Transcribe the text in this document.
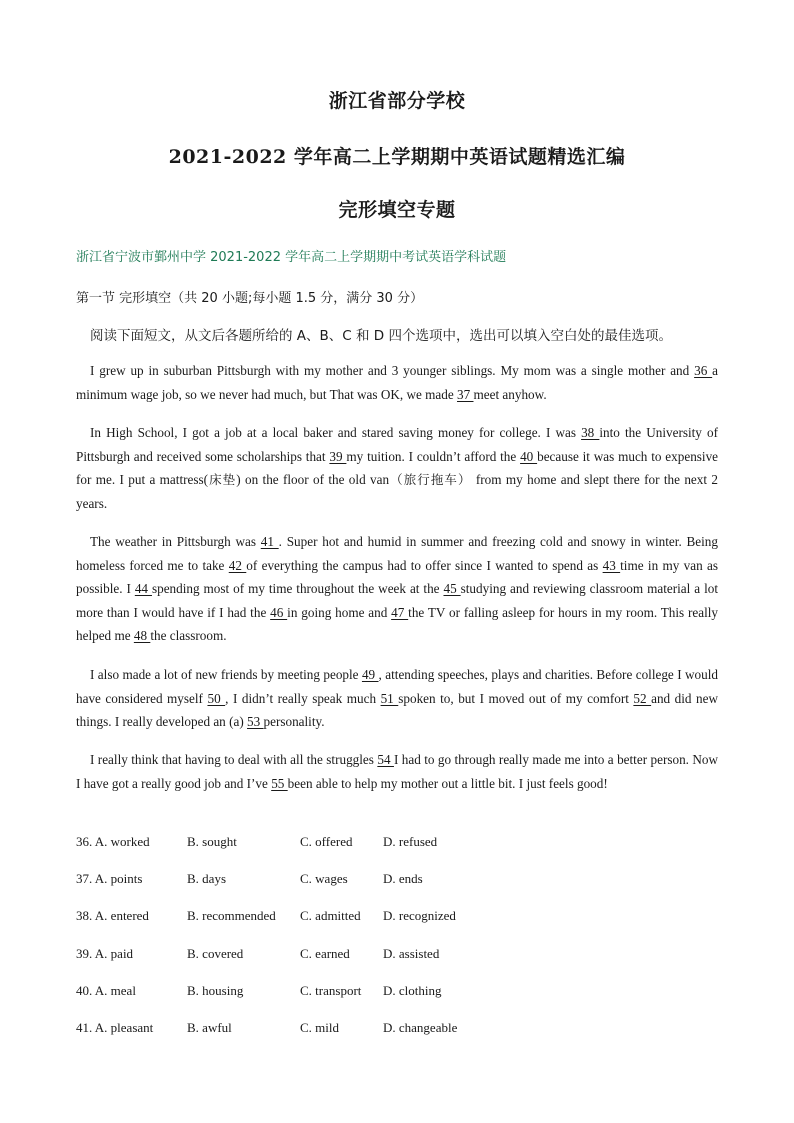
浙江省部分学校
2021-2022 学年高二上学期期中英语试题精选汇编
完形填空专题
浙江省宁波市鄞州中学 2021-2022 学年高二上学期期中考试英语学科试题
第一节 完形填空（共 20 小题;每小题 1.5 分，满分 30 分）
阅读下面短文，从文后各题所给的 A、B、C 和 D 四个选项中，选出可以填入空白处的最佳选项。
I grew up in suburban Pittsburgh with my mother and 3 younger siblings. My mom was a single mother and 36 a minimum wage job, so we never had much, but That was OK, we made 37 meet anyhow.
In High School, I got a job at a local baker and stared saving money for college. I was 38 into the University of Pittsburgh and received some scholarships that 39 my tuition. I couldn’t afford the 40 because it was much to expensive for me. I put a mattress(床垫) on the floor of the old van（旅行拖车） from my home and slept there for the next 2 years.
The weather in Pittsburgh was 41 . Super hot and humid in summer and freezing cold and snowy in winter. Being homeless forced me to take 42 of everything the campus had to offer since I wanted to spend as 43 time in my van as possible. I 44 spending most of my time throughout the week at the 45 studying and reviewing classroom material a lot more than I would have if I had the 46 in going home and 47 the TV or falling asleep for hours in my room. This really helped me 48 the classroom.
I also made a lot of new friends by meeting people 49 , attending speeches, plays and charities. Before college I would have considered myself 50 , I didn’t really speak much 51 spoken to, but I moved out of my comfort 52 and did new things. I really developed an (a) 53 personality.
I really think that having to deal with all the struggles 54 I had to go through really made me into a better person. Now I have got a really good job and I’ve 55 been able to help my mother out a little bit. I just feels good!
36. A. worked	B. sought	C. offered D. refused
37. A. points	B. days	C. wages	D. ends
38. A. entered	B. recommended C. admitted D. recognized
39. A. paid	B. covered	C. earned	D. assisted
40. A. meal	B. housing	C. transport D. clothing
41. A. pleasant	B. awful	C. mild	D. changeable
